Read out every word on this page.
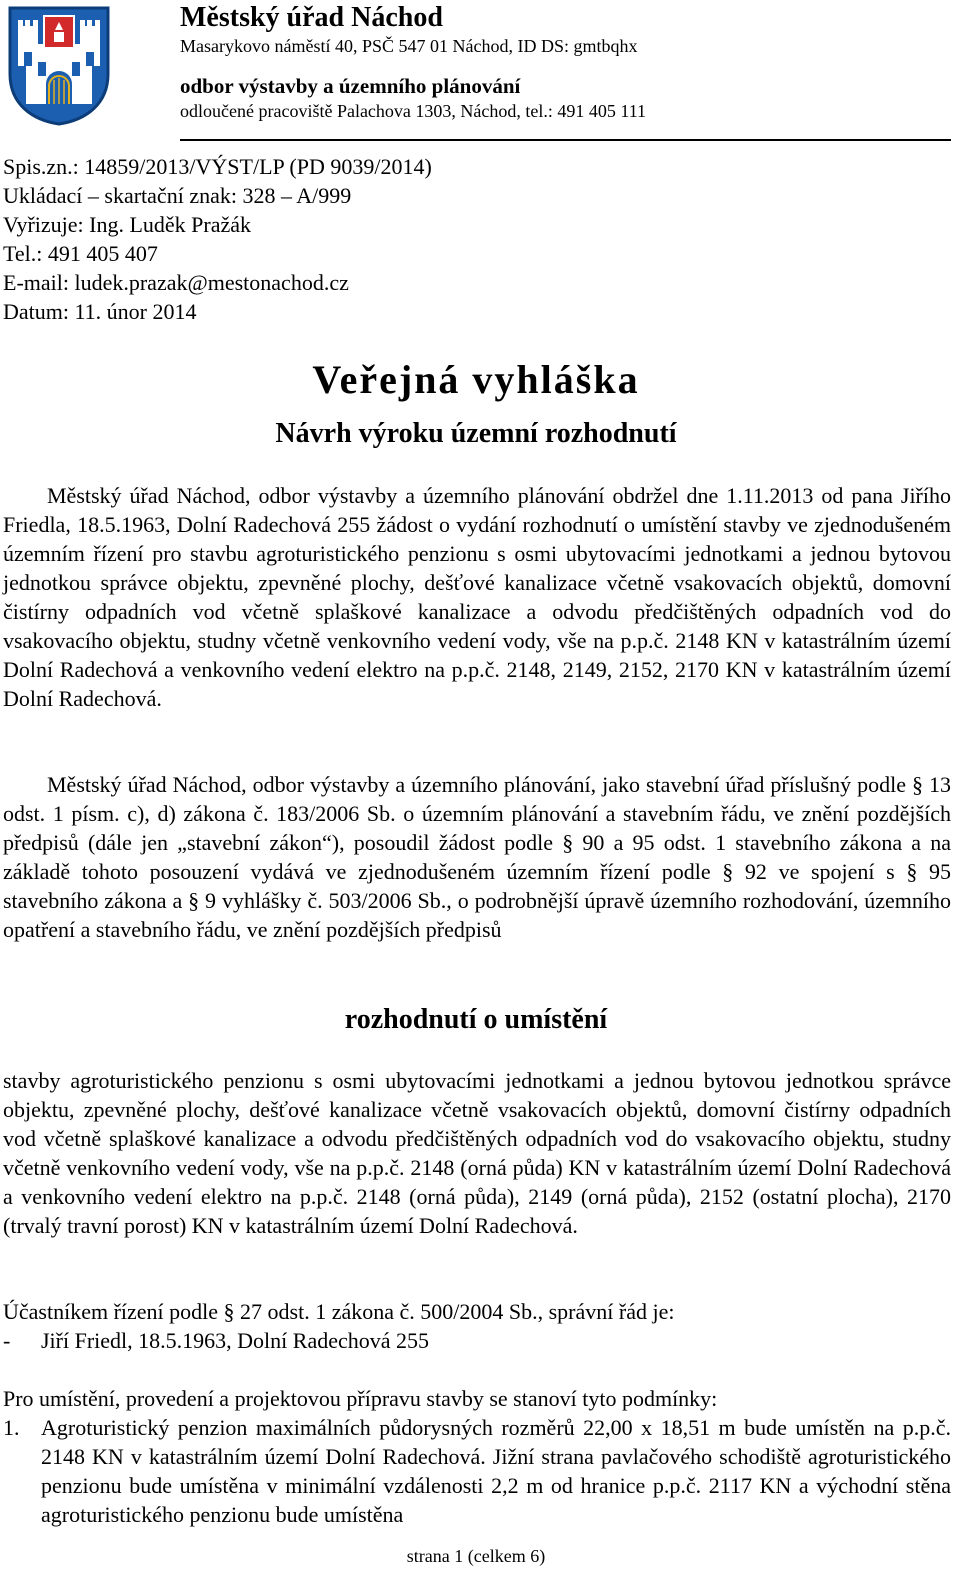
Městský úřad Náchod
Masarykovo náměstí 40, PSČ 547 01 Náchod, ID DS: gmtbqhx
odbor výstavby a územního plánování
odloučené pracoviště Palachova 1303, Náchod, tel.: 491 405 111
Spis.zn.: 14859/2013/VÝST/LP (PD 9039/2014)
Ukládací – skartační znak: 328 – A/999
Vyřizuje: Ing. Luděk Pražák
Tel.: 491 405 407
E-mail: ludek.prazak@mestonachod.cz
Datum: 11. únor 2014
Veřejná vyhláška
Návrh výroku územní rozhodnutí
Městský úřad Náchod, odbor výstavby a územního plánování obdržel dne 1.11.2013 od pana Jiřího Friedla, 18.5.1963, Dolní Radechová 255 žádost o vydání rozhodnutí o umístění stavby ve zjednodušeném územním řízení pro stavbu agroturistického penzionu s osmi ubytovacími jednotkami a jednou bytovou jednotkou správce objektu, zpevněné plochy, dešťové kanalizace včetně vsakovacích objektů, domovní čistírny odpadních vod včetně splaškové kanalizace a odvodu předčištěných odpadních vod do vsakovacího objektu, studny včetně venkovního vedení vody, vše na p.p.č. 2148 KN v katastrálním území Dolní Radechová a venkovního vedení elektro na p.p.č. 2148, 2149, 2152, 2170 KN v katastrálním území Dolní Radechová.
Městský úřad Náchod, odbor výstavby a územního plánování, jako stavební úřad příslušný podle § 13 odst. 1 písm. c), d) zákona č. 183/2006 Sb. o územním plánování a stavebním řádu, ve znění pozdějších předpisů (dále jen „stavební zákon“), posoudil žádost podle § 90 a 95 odst. 1 stavebního zákona a na základě tohoto posouzení vydává ve zjednodušeném územním řízení podle § 92 ve spojení s § 95 stavebního zákona a § 9 vyhlášky č. 503/2006 Sb., o podrobnější úpravě územního rozhodování, územního opatření a stavebního řádu, ve znění pozdějších předpisů
rozhodnutí o umístění
stavby agroturistického penzionu s osmi ubytovacími jednotkami a jednou bytovou jednotkou správce objektu, zpevněné plochy, dešťové kanalizace včetně vsakovacích objektů, domovní čistírny odpadních vod včetně splaškové kanalizace a odvodu předčištěných odpadních vod do vsakovacího objektu, studny včetně venkovního vedení vody, vše na p.p.č. 2148 (orná půda) KN v katastrálním území Dolní Radechová a venkovního vedení elektro na p.p.č. 2148 (orná půda), 2149 (orná půda), 2152 (ostatní plocha), 2170 (trvalý travní porost) KN v katastrálním území Dolní Radechová.
Účastníkem řízení podle § 27 odst. 1 zákona č. 500/2004 Sb., správní řád je:
- Jiří Friedl, 18.5.1963, Dolní Radechová 255
Pro umístění, provedení a projektovou přípravu stavby se stanoví tyto podmínky:
1. Agroturistický penzion maximálních půdorysných rozměrů 22,00 x 18,51 m bude umístěn na p.p.č. 2148 KN v katastrálním území Dolní Radechová. Jižní strana pavlačového schodiště agroturistického penzionu bude umístěna v minimální vzdálenosti 2,2 m od hranice p.p.č. 2117 KN a východní stěna agroturistického penzionu bude umístěna
strana 1 (celkem 6)
